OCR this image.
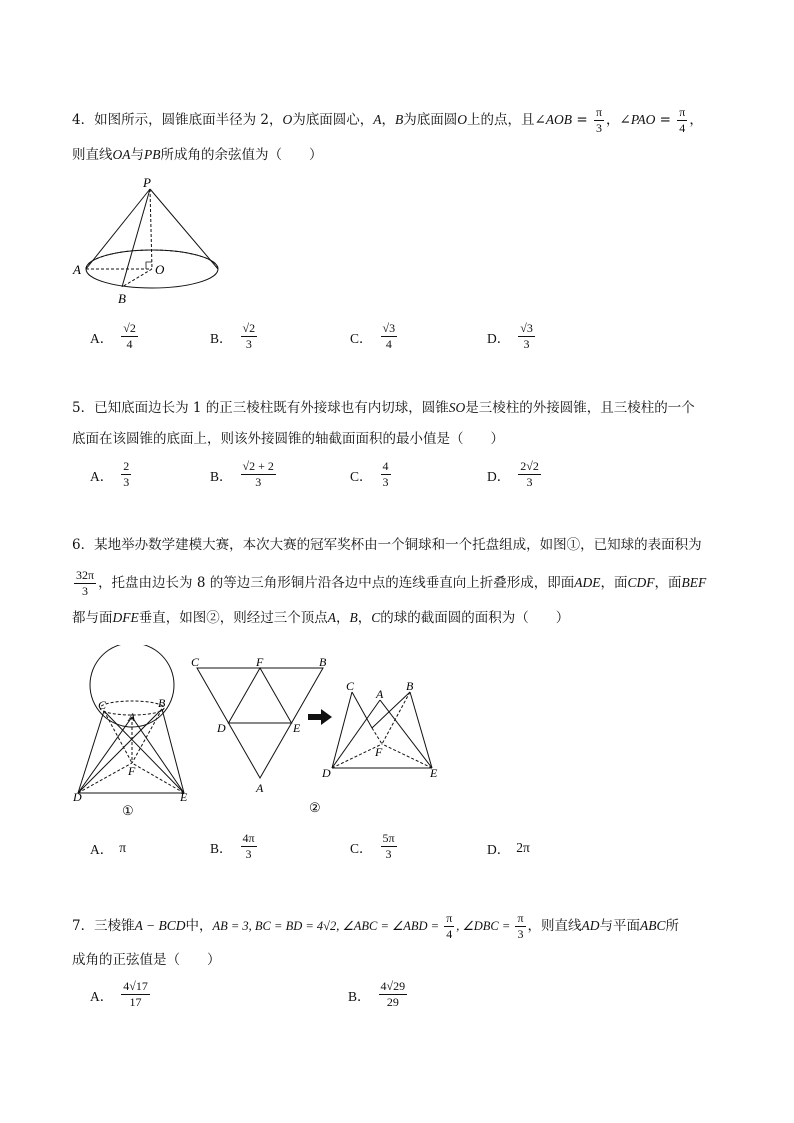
4．如图所示，圆锥底面半径为 2，O为底面圆心，A，B为底面圆O上的点，且∠AOB = $\frac{\pi}{3}$ ，∠PAO = $\frac{\pi}{4}$ ，
则直线OA与PB所成角的余弦值为（　　）
P
A	O
B
A． $\frac{√2}{4}$	B． $\frac{√2}{3}$	C． $\frac{√3}{4}$	D． $\frac{√3}{3}$
5．已知底面边长为 1 的正三棱柱既有外接球也有内切球，圆锥SO是三棱柱的外接圆锥，且三棱柱的一个
底面在该圆锥的底面上，则该外接圆锥的轴截面面积的最小值是（　　）
A． $\frac{2}{3}$	B． $\frac{√2 + 2}{3}$	C． $\frac{4}{3}$	D． $\frac{2√2}{3}$
6．某地举办数学建模大赛，本次大赛的冠军奖杯由一个铜球和一个托盘组成，如图①，已知球的表面积为
$\frac{32\pi}{3}$ ，托盘由边长为 8 的等边三角形铜片沿各边中点的连线垂直向上折叠形成，即面ADE，面CDF，面BEF
都与面DFE垂直，如图②，则经过三个顶点A，B，C的球的截面圆的面积为（　　）
C
A
B
F
D	E
①
C	F	B
D	E
A
②
C
A
B
F
D	E
A． π	B． $\frac{4\pi}{3}$	C． $\frac{5\pi}{3}$	D． 2π
7．三棱锥A − BCD中，AB = 3, BC = BD = 4√2, ∠ABC = ∠ABD = $\frac{\pi}{4}$ , ∠DBC = $\frac{\pi}{3}$ ，则直线AD与平面ABC所
成角的正弦值是（　　）
A． $\frac{4√17}{17}$	B． $\frac{4√29}{29}$
